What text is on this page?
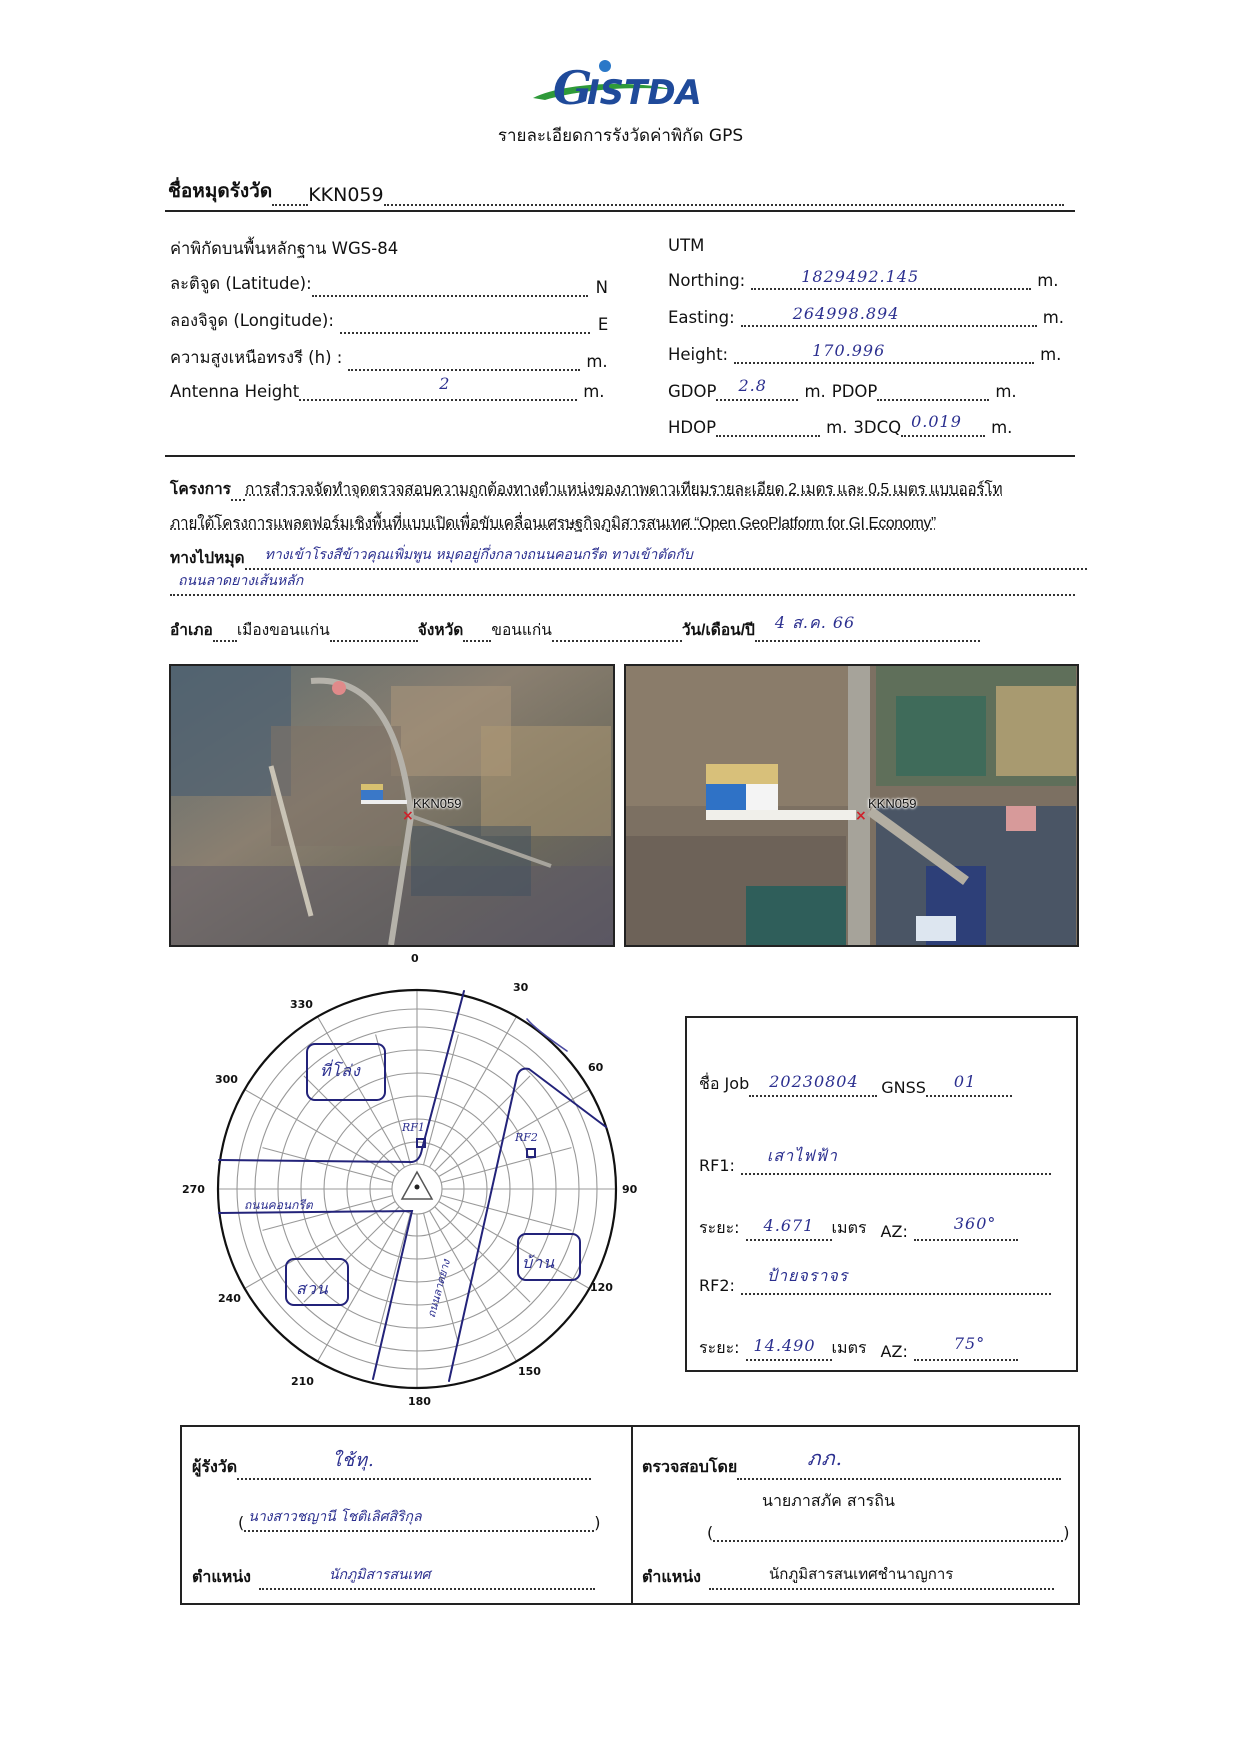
G
ISTDA
รายละเอียดการรังวัดค่าพิกัด GPS
ชื่อหมุดรังวัด KKN059
ค่าพิกัดบนพื้นหลักฐาน WGS-84
ละติจูด (Latitude):	N
ลองจิจูด (Longitude):	E
ความสูงเหนือทรงรี (h) :	m.
Antenna Height	2	m.
UTM
Northing:	1829492.145	m.
Easting:	264998.894	m.
Height:	170.996	m.
GDOP 2.8 m. PDOP	m.
HDOP	m. 3DCQ 0.019 m.
โครงการ การสำรวจจัดทำจุดตรวจสอบความถูกต้องทางตำแหน่งของภาพดาวเทียมรายละเอียด 2 เมตร และ 0.5 เมตร แบบออร์โท
ภายใต้โครงการแพลตฟอร์มเชิงพื้นที่แบบเปิดเพื่อขับเคลื่อนเศรษฐกิจภูมิสารสนเทศ “Open GeoPlatform for GI Economy”
ทางไปหมุด ทางเข้าโรงสีข้าวคุณเพิ่มพูน หมุดอยู่กึ่งกลางถนนคอนกรีต ทางเข้าตัดกับ
ถนนลาดยางเส้นหลัก
อำเภอ เมืองขอนแก่น	จังหวัด ขอนแก่น	วัน/เดือน/ปี 4 ส.ค. 66
×
KKN059
×
KKN059
0
30
60
90
120
150
180
210
240
270
300
330
ที่โล่ง
สวน
บ้าน
ถนนคอนกรีต
ถนนลาดยาง
RF1
RF2
ชื่อ Job 20230804 GNSS 01
RF1:
เสาไฟฟ้า
ระยะ: 4.671 เมตร AZ:	360°
RF2:
ป้ายจราจร
ระยะ: 14.490 เมตร AZ:	75°
ผู้รังวัด	ใช้ทุ.
( นางสาวชญานี โชติเลิศสิริกุล	)
ตำแหน่ง	นักภูมิสารสนเทศ
ตรวจสอบโดย	ภภ.
นายภาสภัค สารถิน
(	)
ตำแหน่ง	นักภูมิสารสนเทศชำนาญการ
